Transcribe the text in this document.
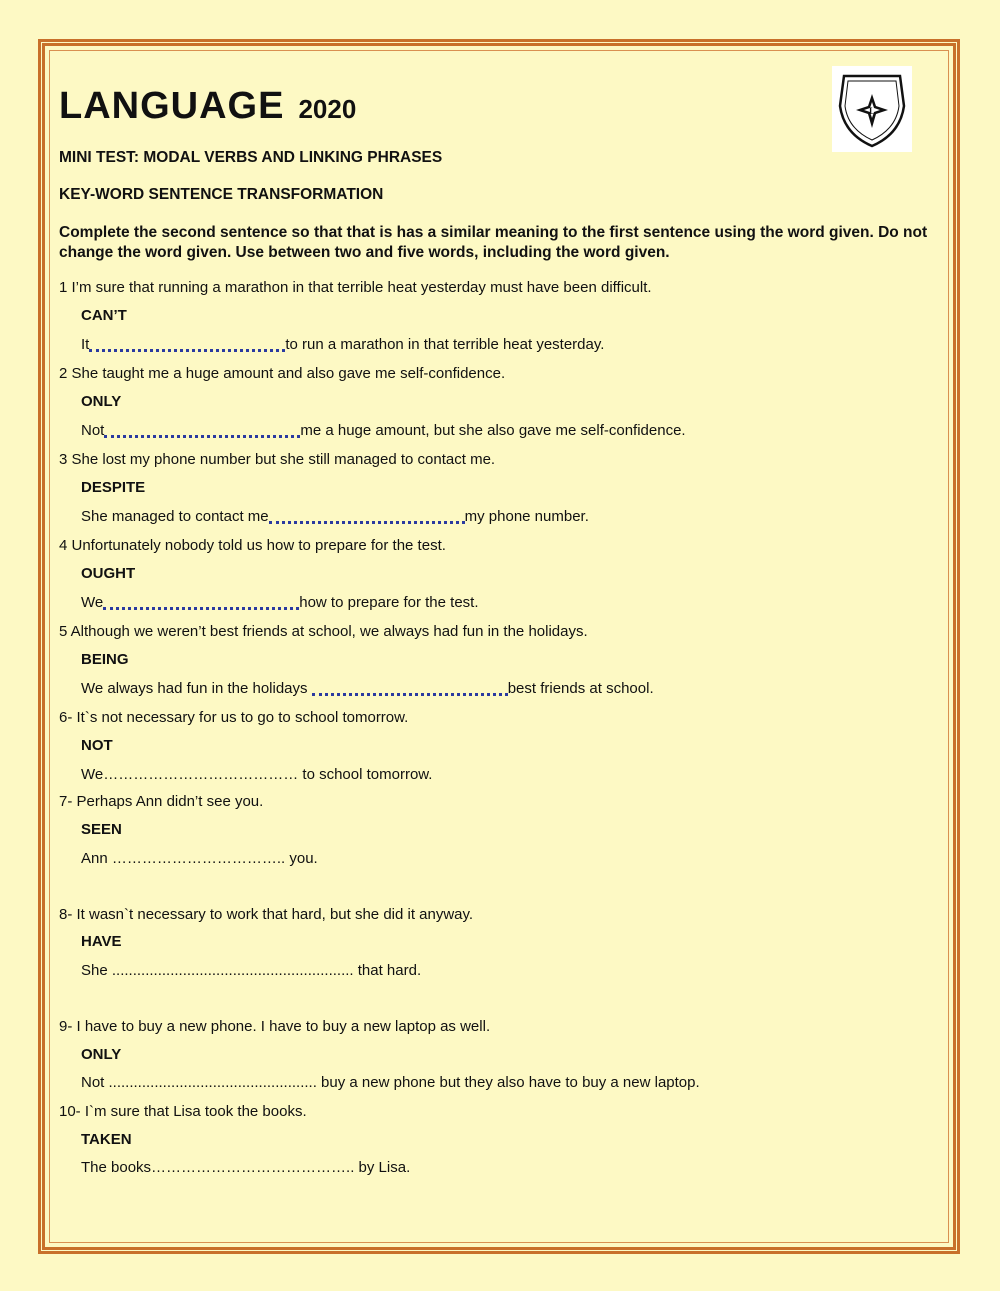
L
LANGUAGE 2020

MINI TEST: MODAL VERBS AND LINKING PHRASES

KEY-WORD SENTENCE TRANSFORMATION

Complete the second sentence so that that is has a similar meaning to the first sentence using the word given. Do not change the word given. Use between two and five words, including the word given.

1 I’m sure that running a marathon in that terrible heat yesterday must have been difficult.
CAN’T
It	to run a marathon in that terrible heat yesterday.
2 She taught me a huge amount and also gave me self-confidence.
ONLY
Not	me a huge amount, but she also gave me self-confidence.
3 She lost my phone number but she still managed to contact me.
DESPITE
She managed to contact me	my phone number.
4 Unfortunately nobody told us how to prepare for the test.
OUGHT
We	how to prepare for the test.
5 Although we weren’t best friends at school, we always had fun in the holidays.
BEING
We always had fun in the holidays	best friends at school.
6- It`s not necessary for us to go to school tomorrow.
NOT
We………………………………… to school tomorrow.
7- Perhaps Ann didn’t see you.
SEEN
Ann …………………………….. you.
8- It wasn`t necessary to work that hard, but she did it anyway.
HAVE
She .......................................................... that hard.
9- I have to buy a new phone. I have to buy a new laptop as well.
ONLY
Not .................................................. buy a new phone but they also have to buy a new laptop.
10- I`m sure that Lisa took the books.
TAKEN
The books………………………………….. by Lisa.
